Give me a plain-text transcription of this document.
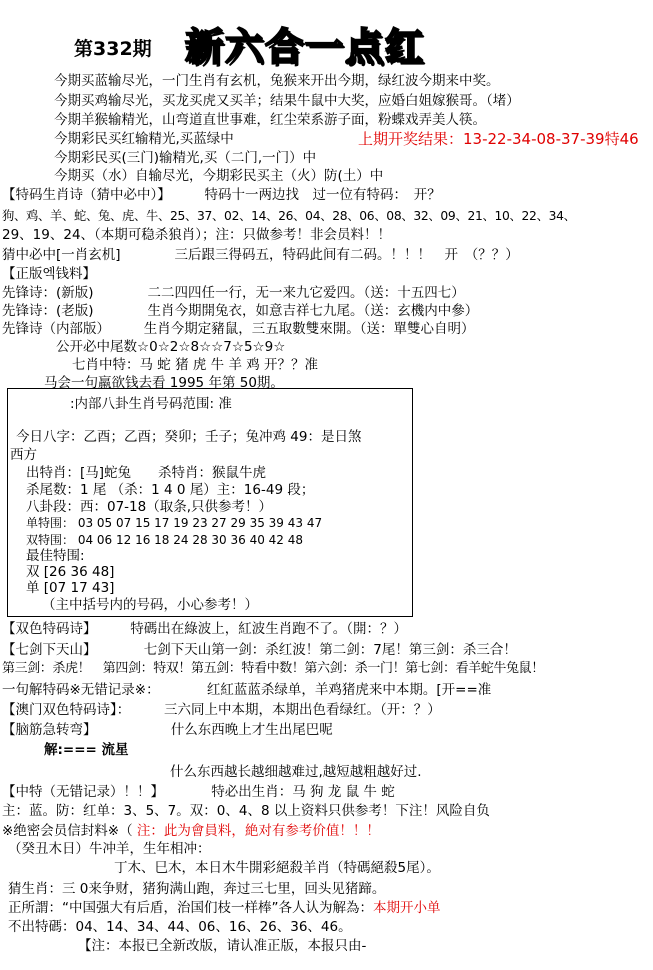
第332期 新六合一点红
今期买蓝输尽光，一门生肖有玄机，兔猴来开出今期，绿红波今期来中奖。
今期买鸡输尽光，买龙买虎又买羊；结果牛鼠中大奖，应婚白姐嫁猴哥。（堵）
今期羊猴输精光，山弯道直世事难，红尘荣系游子面，粉蝶戏弄美人筷。
今期彩民买红输精光,买蓝绿中	上期开奖结果：13-22-34-08-37-39特46
今期彩民买(三门)输精光,买（二门,一门）中
今期买（水）自输尽光，今期彩民买主（火）防(土）中
【特码生肖诗（猜中必中）】　　　特码十一两边找　过一位有特码：　开？
狗、鸡、羊、蛇、兔、虎、牛、25、37、02、14、26、04、28、06、08、32、09、21、10、22、34、
29、19、24、（本期可稳杀狼肖）；注：只做参考！非会员料！！
猜中必中[一肖玄机]　　　　三后跟三得码五，特码此间有二码。！！！　开　（？？）
【正版엑钱料】
先锋诗：(新版)　　　　二二四四任一行，无一来九它爱四。（送：十五四七）
先锋诗：(老版)　　　　生肖今期開兔衣，如意吉祥七九尾。（送：玄機内中參）
先锋诗（内部版）　　　生肖今期定豬鼠，三五取數雙來開。（送：單雙心自明）
公开必中尾数☆0☆2☆8☆☆7☆5☆9☆
七肖中特：马 蛇 猪 虎 牛 羊 鸡 开？？准
马会一句羸欲钱去看 1995 年第 50期。
:内部八卦生肖号码范围: 准
今日八字：乙酉；乙酉；癸卯；壬子；兔冲鸡 49：是日煞
西方
出特肖：[马]蛇兔　　杀特肖：猴鼠牛虎
杀尾数：1 尾 （杀：1 4 0 尾）主：16-49 段；
八卦段：西：07-18（取条,只供参考！）
单特围： 03 05 07 15 17 19 23 27 29 35 39 43 47
双特围： 04 06 12 16 18 24 28 30 36 40 42 48
最佳特围:
双 [26 36 48]
单 [07 17 43]
（主中括号内的号码，小心参考！）
【双色特码诗】　　　特碼出在綠波上，紅波生肖跑不了。（開：？）
【七剑下天山】　　　　七剑下天山第一剑：杀红波！第二剑：7尾！第三剑：杀三合！
第三剑：杀虎！　第四剑：特双！第五剑：特看中数！第六剑：杀一门！第七剑：看羊蛇牛兔鼠！
一句解特码※无错记录※：　　　　红紅蓝蓝杀绿单，羊鸡猪虎来中本期。[开==准
【澳门双色特码诗】：　　　三六同上中本期，本期出色看绿红。（开：？）
【脑筋急转弯】　　　　　　什么东西晚上才生出尾巴呢
解:=== 流星
什么东西越长越细越难过,越短越粗越好过.
【中特（无错记录）！！】　　　　特必出生肖：马 狗 龙 鼠 牛 蛇
主：蓝。防：红单：3、5、7。双：0、4、8 以上资料只供参考！下注！风险自负
※绝密会员信封料※（ 注：此为會員料，絶对有参考价值！！！
（癸丑木日）牛冲羊，生年相冲：
丁木、巳木，本日木牛開彩絕殺羊肖（特碼絕殺5尾）。
猜生肖：三 0来争财，猪狗满山跑，奔过三七里，回头见猪蹄。
正所謂：“中国强大有后盾，治国们枝一样棒”各人认为解為：本期开小单
不出特碼：04、14、34、44、06、16、26、36、46。
【注：本报已全新改版，请认准正版，本报只由-
